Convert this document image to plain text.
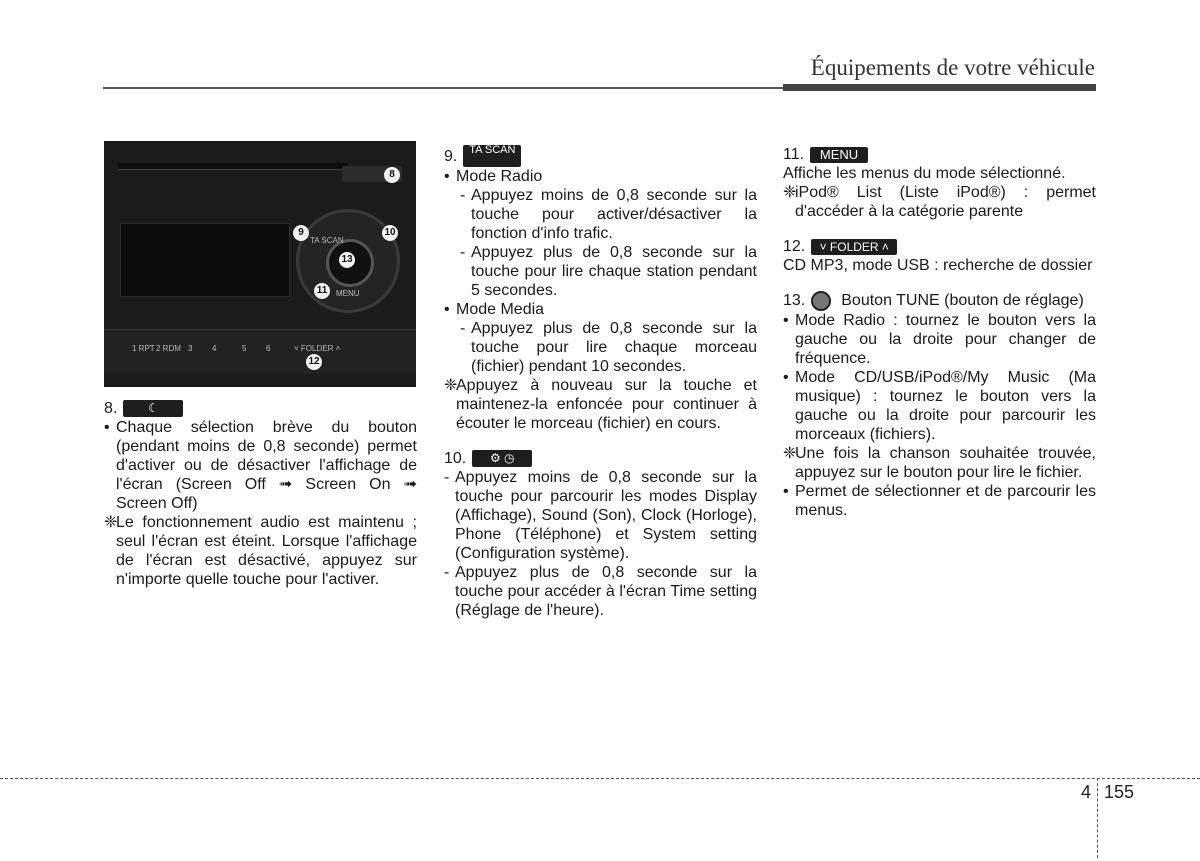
Équipements de votre véhicule
TA SCAN
MENU
1 RPT 2 RDM 3 4	5 6	˅ FOLDER ˄
8
9	10
11
12
13
8.	☾
• Chaque sélection brève du bouton (pendant moins de 0,8 seconde) permet d'activer ou de désactiver l'affichage de l'écran (Screen Off ➟ Screen On ➟ Screen Off)
❈
Le fonctionnement audio est maintenu ; seul l'écran est éteint. Lorsque l'affichage de l'écran est désactivé, appuyez sur n'importe quelle touche pour l'activer.
9.	TA SCAN
• Mode Radio
- Appuyez moins de 0,8 seconde sur la touche pour activer/désactiver la fonction d'info trafic.
- Appuyez plus de 0,8 seconde sur la touche pour lire chaque station pendant 5 secondes.
• Mode Media
- Appuyez plus de 0,8 seconde sur la touche pour lire chaque morceau (fichier) pendant 10 secondes.
❈
Appuyez à nouveau sur la touche et maintenez-la enfoncée pour continuer à écouter le morceau (fichier) en cours.
10.	⚙ ◷
- Appuyez moins de 0,8 seconde sur la touche pour parcourir les modes Display (Affichage), Sound (Son), Clock (Horloge), Phone (Téléphone) et System setting (Configuration système).
- Appuyez plus de 0,8 seconde sur la touche pour accéder à l'écran Time setting (Réglage de l'heure).
11.	MENU

Affiche les menus du mode sélectionné.

❈
iPod® List (Liste iPod®) : permet d'accéder à la catégorie parente
12.	˅ FOLDER ˄

CD MP3, mode USB : recherche de dossier

13. Bouton TUNE (bouton de réglage)
• Mode Radio : tournez le bouton vers la gauche ou la droite pour changer de fréquence.
• Mode CD/USB/iPod®/My Music (Ma musique) : tournez le bouton vers la gauche ou la droite pour parcourir les morceaux (fichiers).
❈
Une fois la chanson souhaitée trouvée, appuyez sur le bouton pour lire le fichier.
• Permet de sélectionner et de parcourir les menus.
4 155
